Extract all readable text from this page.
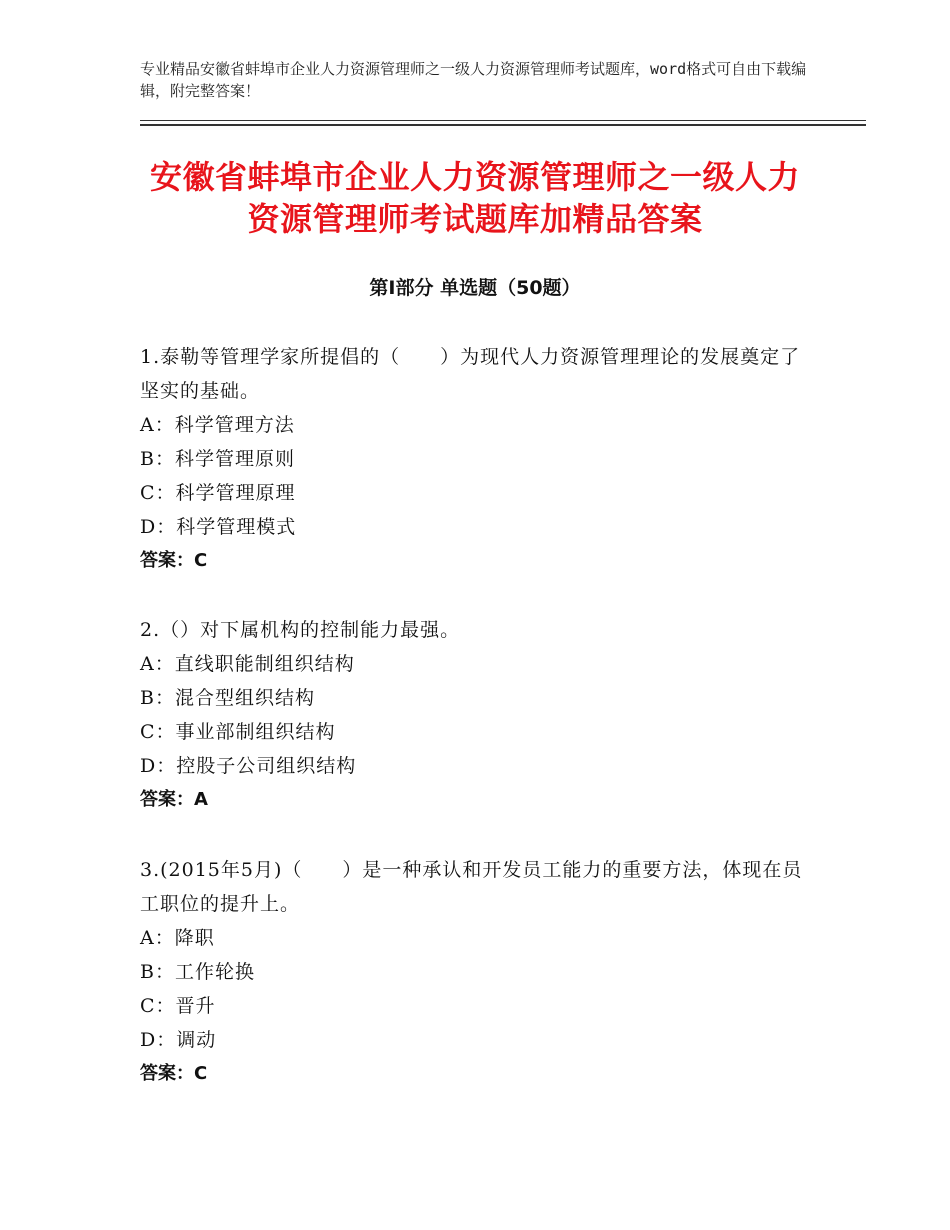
专业精品安徽省蚌埠市企业人力资源管理师之一级人力资源管理师考试题库，word格式可自由下载编辑，附完整答案！
安徽省蚌埠市企业人力资源管理师之一级人力资源管理师考试题库加精品答案
第Ⅰ部分 单选题（50题）
1.泰勒等管理学家所提倡的（　　）为现代人力资源管理理论的发展奠定了坚实的基础。
A：科学管理方法
B：科学管理原则
C：科学管理原理
D：科学管理模式
答案：C
2.（）对下属机构的控制能力最强。
A：直线职能制组织结构
B：混合型组织结构
C：事业部制组织结构
D：控股子公司组织结构
答案：A
3.(2015年5月)（　　）是一种承认和开发员工能力的重要方法，体现在员工职位的提升上。
A：降职
B：工作轮换
C：晋升
D：调动
答案：C
